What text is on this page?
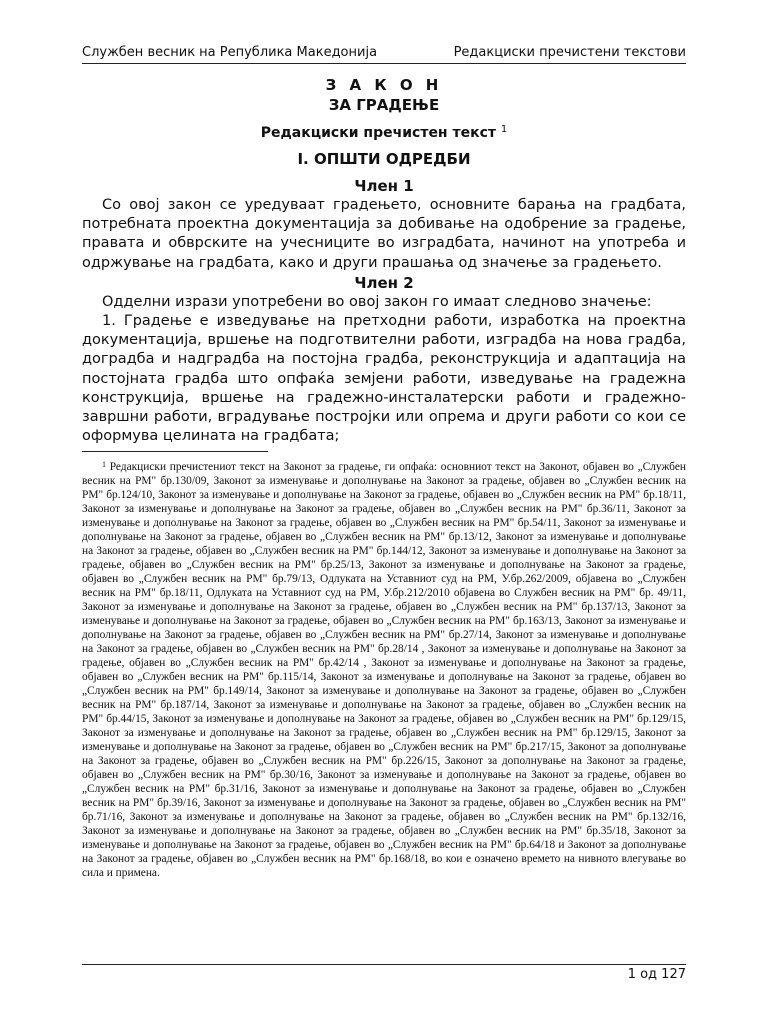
Службен весник на Република Македонија	Редакциски пречистени текстови
З А К О Н
ЗА ГРАДЕЊЕ
Редакциски пречистен текст $^1$
I. ОПШТИ ОДРЕДБИ
Член 1
Со овој закон се уредуваат градењето, основните барања на градбата, потребната проектна документација за добивање на одобрение за градење, правата и обврските на учесниците во изградбата, начинот на употреба и одржување на градбата, како и други прашања од значење за градењето.
Член 2
Одделни изрази употребени во овој закон го имаат следново значење:
1. Градење е изведување на претходни работи, изработка на проектна документација, вршење на подготвителни работи, изградба на нова градба, доградба и надградба на постојна градба, реконструкција и адаптација на постојната градба што опфаќа земјени работи, изведување на градежна конструкција, вршење на градежно-инсталатерски работи и градежно-завршни работи, вградување постројки или опрема и други работи со кои се оформува целината на градбата;
$^1$ Редакциски пречистениот текст на Законот за градење, ги опфаќа: основниот текст на Законот, објавен во „Службен весник на РМ" бр.130/09, Законот за изменување и дополнување на Законот за градење, објавен во „Службен весник на РМ" бр.124/10, Законот за изменување и дополнување на Законот за градење, објавен во „Службен весник на РМ" бр.18/11, Законот за изменување и дополнување на Законот за градење, објавен во „Службен весник на РМ" бр.36/11, Законот за изменување и дополнување на Законот за градење, објавен во „Службен весник на РМ" бр.54/11, Законот за изменување и дополнување на Законот за градење, објавен во „Службен весник на РМ" бр.13/12, Законот за изменување и дополнување на Законот за градење, објавен во „Службен весник на РМ" бр.144/12, Законот за изменување и дополнување на Законот за градење, објавен во „Службен весник на РМ" бр.25/13, Законот за изменување и дополнување на Законот за градење, објавен во „Службен весник на РМ" бр.79/13, Одлуката на Уставниот суд на РМ, У.бр.262/2009, објавена во „Службен весник на РМ" бр.18/11, Одлуката на Уставниот суд на РМ, У.бр.212/2010 објавена во Службен весник на РМ" бр. 49/11, Законот за изменување и дополнување на Законот за градење, објавен во „Службен весник на РМ" бр.137/13, Законот за изменување и дополнување на Законот за градење, објавен во „Службен весник на РМ" бр.163/13, Законот за изменување и дополнување на Законот за градење, објавен во „Службен весник на РМ" бр.27/14, Законот за изменување и дополнување на Законот за градење, објавен во „Службен весник на РМ" бр.28/14 , Законот за изменување и дополнување на Законот за градење, објавен во „Службен весник на РМ" бр.42/14 , Законот за изменување и дополнување на Законот за градење, објавен во „Службен весник на РМ" бр.115/14, Законот за изменување и дополнување на Законот за градење, објавен во „Службен весник на РМ" бр.149/14, Законот за изменување и дополнување на Законот за градење, објавен во „Службен весник на РМ" бр.187/14, Законот за изменување и дополнување на Законот за градење, објавен во „Службен весник на РМ" бр.44/15, Законот за изменување и дополнување на Законот за градење, објавен во „Службен весник на РМ" бр.129/15, Законот за изменување и дополнување на Законот за градење, објавен во „Службен весник на РМ" бр.129/15, Законот за изменување и дополнување на Законот за градење, објавен во „Службен весник на РМ" бр.217/15, Законот за дополнување на Законот за градење, објавен во „Службен весник на РМ" бр.226/15, Законот за дополнување на Законот за градење, објавен во „Службен весник на РМ" бр.30/16, Законот за изменување и дополнување на Законот за градење, објавен во „Службен весник на РМ" бр.31/16, Законот за изменување и дополнување на Законот за градење, објавен во „Службен весник на РМ" бр.39/16, Законот за изменување и дополнување на Законот за градење, објавен во „Службен весник на РМ" бр.71/16, Законот за изменување и дополнување на Законот за градење, објавен во „Службен весник на РМ" бр.132/16, Законот за изменување и дополнување на Законот за градење, објавен во „Службен весник на РМ" бр.35/18, Законот за изменување и дополнување на Законот за градење, објавен во „Службен весник на РМ" бр.64/18 и Законот за дополнување на Законот за градење, објавен во „Службен весник на РМ" бр.168/18, во кои е означено времето на нивното влегување во сила и примена.
1 од 127
